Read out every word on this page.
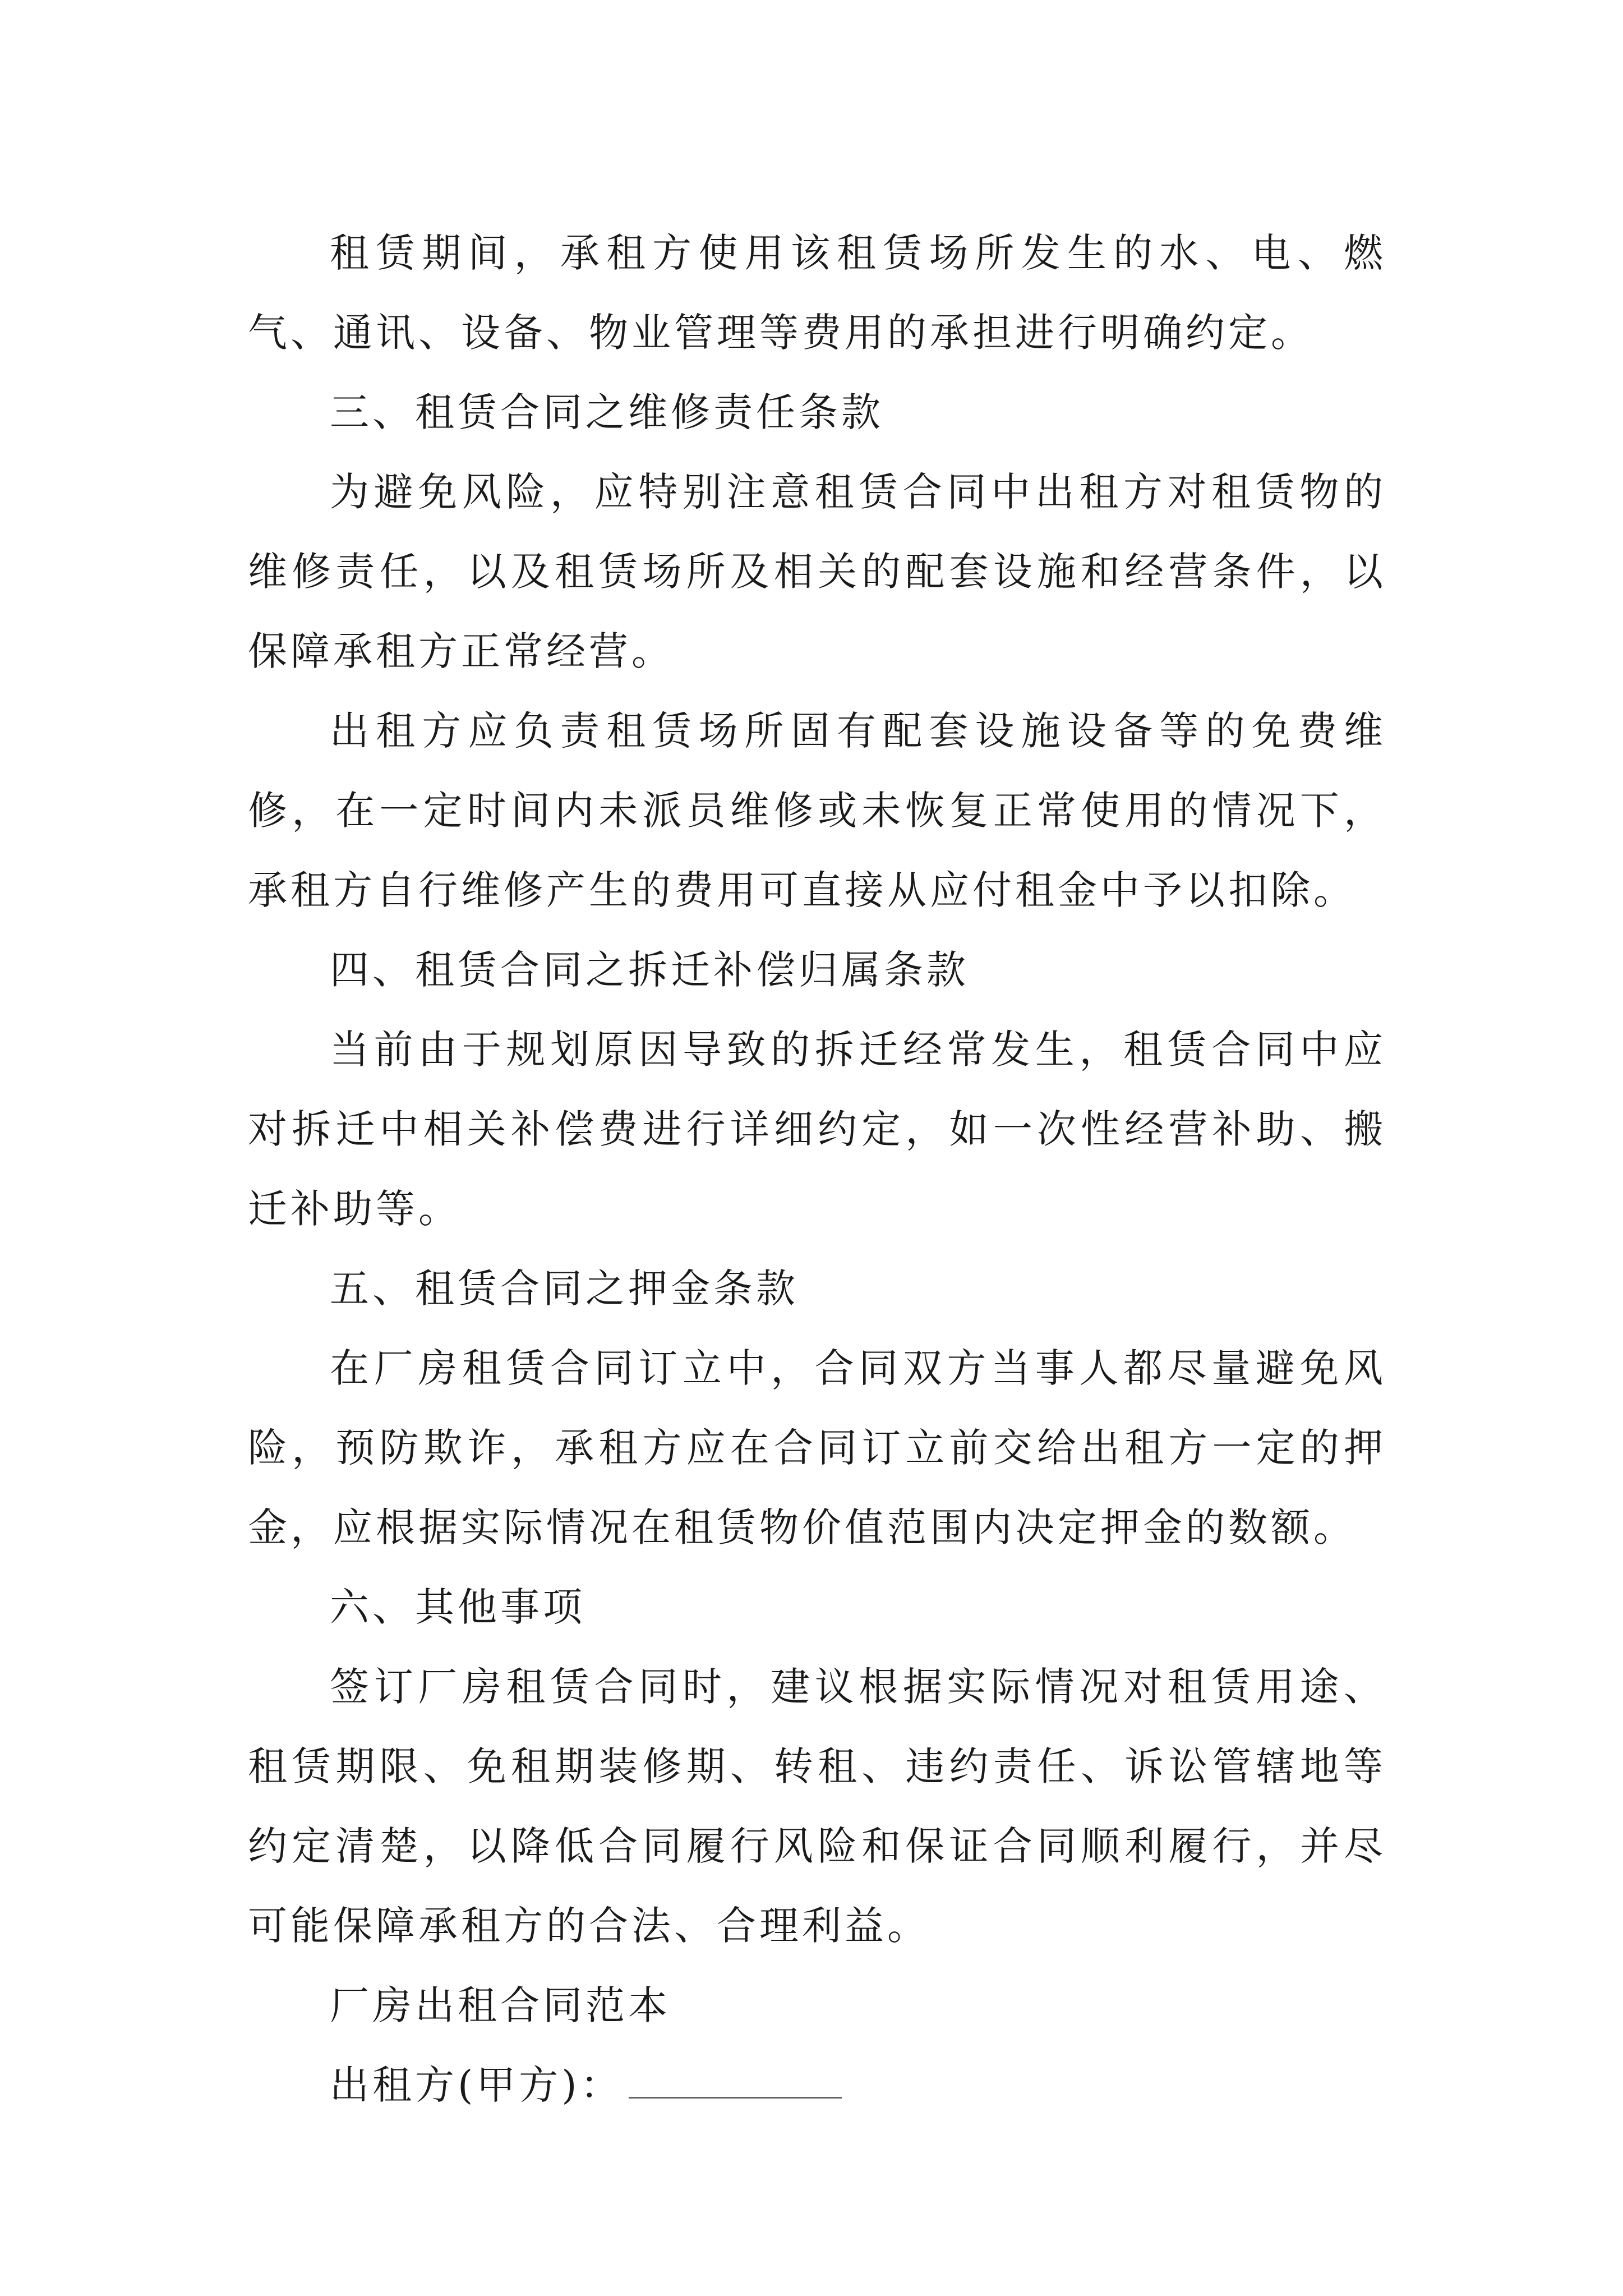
租赁期间，承租方使用该租赁场所发生的水、电、燃气、通讯、设备、物业管理等费用的承担进行明确约定。

三、租赁合同之维修责任条款

为避免风险，应特别注意租赁合同中出租方对租赁物的维修责任，以及租赁场所及相关的配套设施和经营条件，以保障承租方正常经营。

出租方应负责租赁场所固有配套设施设备等的免费维修，在一定时间内未派员维修或未恢复正常使用的情况下，承租方自行维修产生的费用可直接从应付租金中予以扣除。

四、租赁合同之拆迁补偿归属条款

当前由于规划原因导致的拆迁经常发生，租赁合同中应对拆迁中相关补偿费进行详细约定，如一次性经营补助、搬迁补助等。

五、租赁合同之押金条款

在厂房租赁合同订立中，合同双方当事人都尽量避免风险，预防欺诈，承租方应在合同订立前交给出租方一定的押金，应根据实际情况在租赁物价值范围内决定押金的数额。

六、其他事项

签订厂房租赁合同时，建议根据实际情况对租赁用途、租赁期限、免租期装修期、转租、违约责任、诉讼管辖地等约定清楚，以降低合同履行风险和保证合同顺利履行，并尽可能保障承租方的合法、合理利益。

厂房出租合同范本

出租方(甲方)：
